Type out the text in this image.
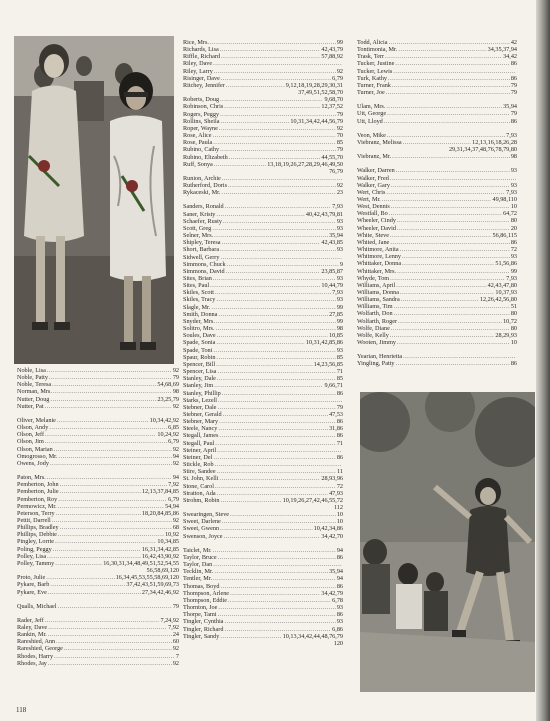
Noble, Lisa .....	92
Noble, Patty .....	79
Noble, Teresa .....	54,68,69
Norman, Mrs. .....	98
Nutter, Doug .....	23,25,79
Nutter, Pat .....	92
Oliver, Melanie .....	10,34,42,92
Olson, Andy .....	6,85
Olson, Jeff .....	10,24,92
Olson, Jim .....	6,79
Olson, Marian .....	92
Omogrosso, Mr. .....	94
Owens, Jody .....	92
Paton, Mrs. .....	94
Pemberton, John .....	7,92
Pemberton, Julie .....	12,13,37,84,85
Pemberton, Roy .....	6,79
Permowicz, Mr. .....	54,94
Peterson, Terry .....	18,20,84,85,86
Pettit, Darrell .....	92
Phillips, Bradley .....	68
Phillips, Debbie .....	10,92
Pingley, Lorrie .....	10,34,85
Poling, Peggy .....	16,31,34,42,85
Polley, Lisa .....	16,42,43,90,92
Polley, Tammy .....	16,30,31,34,48,49,51,52,54,55
56,58,69,120
Proto, Julie .....	16,34,45,53,55,58,69,120
Pykare, Barb .....	37,42,43,51,59,69,73
Pykare, Eve .....	27,34,42,46,92
Qualls, Michael .....	79
Rader, Jeff .....	7,24,92
Raley, Dave .....	7,92
Rankin, Mr. .....	24
Rareshied, Ann .....	60
Rareshied, George .....	92
Rhodes, Harry .....	7
Rhodes, Jay .....	92
Rice, Mrs. .....	99
Richards, Lisa .....	42,43,79
Riffle, Richard .....	57,88,92
Riley, Dave
.....
Riley, Larry .....	92
Risinger, Dave .....	6,79
Ritchey, Jennifer .....	9,12,18,19,28,29,30,31
37,49,51,52,58,70
Roberts, Doug .....	9,68,70
Robinson, Chris .....	12,37,52
Rogers, Peggy .....	79
Rollins, Sheila .....	10,31,34,42,44,56,79
Roper, Wayne .....	92
Rose, Alice .....	70
Rose, Paula .....	85
Rubino, Cathy .....	79
Rubino, Elizabeth .....	44,55,70
Ruff, Sonya .....	13,18,19,26,27,28,29,46,49,50
76,79
Runion, Archie
.....
Rutherford, Doris .....	92
Rykaceski, Mr. .....	23
Sanders, Ronald .....	7,93
Saner, Kristy .....	40,42,43,79,81
Schaefer, Rusty .....	93
Scott, Greg .....	93
Selner, Mrs. .....	35,94
Shipley, Teresa .....	42,43,85
Short, Barbara .....	93
Sidwell, Gerry
.....
Simmons, Chuck .....	9
Simmons, David .....	23,85,87
Sites, Brian .....	93
Sites, Paul .....	10,44,79
Skiles, Scott .....	7,93
Skiles, Tracy .....	93
Slagle, Mr. .....	99
Smith, Donna .....	27,85
Snyder, Mrs. .....	99
Solitro, Mrs. .....	98
Soules, Dave .....	10,85
Spade, Sonia .....	10,31,42,85,86
Spade, Toni .....	93
Spaur, Robin .....	85
Spencer, Bill .....	14,23,56,85
Spencer, Lisa .....	71
Stanley, Dale .....	85
Stanley, Jim .....	9,66,71
Stanley, Phillip .....	86
Starks, Lezell
.....
Stebner, Dale .....	79
Stebner, Gerald .....	47,53
Stebner, Mary .....	86
Steele, Nancy .....	31,86
Stegall, James .....	86
Stegall, Paul .....	71
Steiner, April
.....
Steiner, Del .....	86
Stickle, Rob
.....
Stire, Sandee .....	11
St. John, Kelli .....	28,93,96
Stone, Carol .....	72
Stratton, Ada .....	47,93
Strohm, Robin .....	10,19,26,27,42,46,55,72
112
Swearingen, Steve .....	10
Sweet, Darlene .....	10
Sweet, Gwenn .....	10,42,34,86
Swenson, Joyce .....	34,42,70
Taiclet, Mr. .....	94
Taylor, Bruce .....	86
Taylor, Dan
.....
Tecklin, Mr. .....	35,94
Tentler, Mr. .....	94
Thomas, Boyd .....	86
Thompson, Arlene .....	34,42,79
Thompson, Eddie .....	6,78
Thornton, Joe .....	93
Thorpe, Tami .....	86
Tingler, Cynthia .....	93
Tingler, Richard .....	6,86
Tingler, Sandy .....	10,13,34,42,44,48,76,79
120
Todd, Alicia .....	42
Tontimonia, Mr. .....	34,35,37,94
Trask, Terr .....	34,42
Tucker, Justine .....	86
Tucker, Lewis
.....
Turk, Kathy .....	86
Turner, Frank .....	79
Turner, Joe .....	79
Ulam, Mrs. .....	35,94
Utt, George .....	79
Utt, Lloyd .....	86
Veon, Mike .....	7,93
Viebranz, Melissa .....	12,13,16,18,26,28
29,31,34,37,48,76,78,79,80
Viebranz, Mr. .....	98
Walker, Darren .....	93
Walker, Fred
.....
Walker, Gary .....	93
Wert, Chris .....	7,93
Wert, Mr. .....	49,98,110
West, Dennis .....	10
Westfall, Bo .....	64,72
Wheeler, Cindy .....	80
Wheeler, David .....	20
White, Steve .....	56,86,115
Whited, Jane .....	86
Whitmore, Anita .....	72
Whitmore, Lenny .....	93
Whittaker, Donna .....	51,56,86
Whittaker, Mrs. .....	99
Whyde, Tom .....	7,93
Williams, April .....	42,43,47,80
Williams, Donna .....	10,37,93
Williams, Sandra .....	12,26,42,56,80
Williams, Tim .....	51
Wolfarth, Don .....	80
Wolfarth, Roger .....	10,72
Wolfe, Diane .....	80
Wolfe, Kelly .....	28,29,93
Wooten, Jimmy .....	10
Yearian, Henrietta
.....
Yingling, Patty .....	86
118
